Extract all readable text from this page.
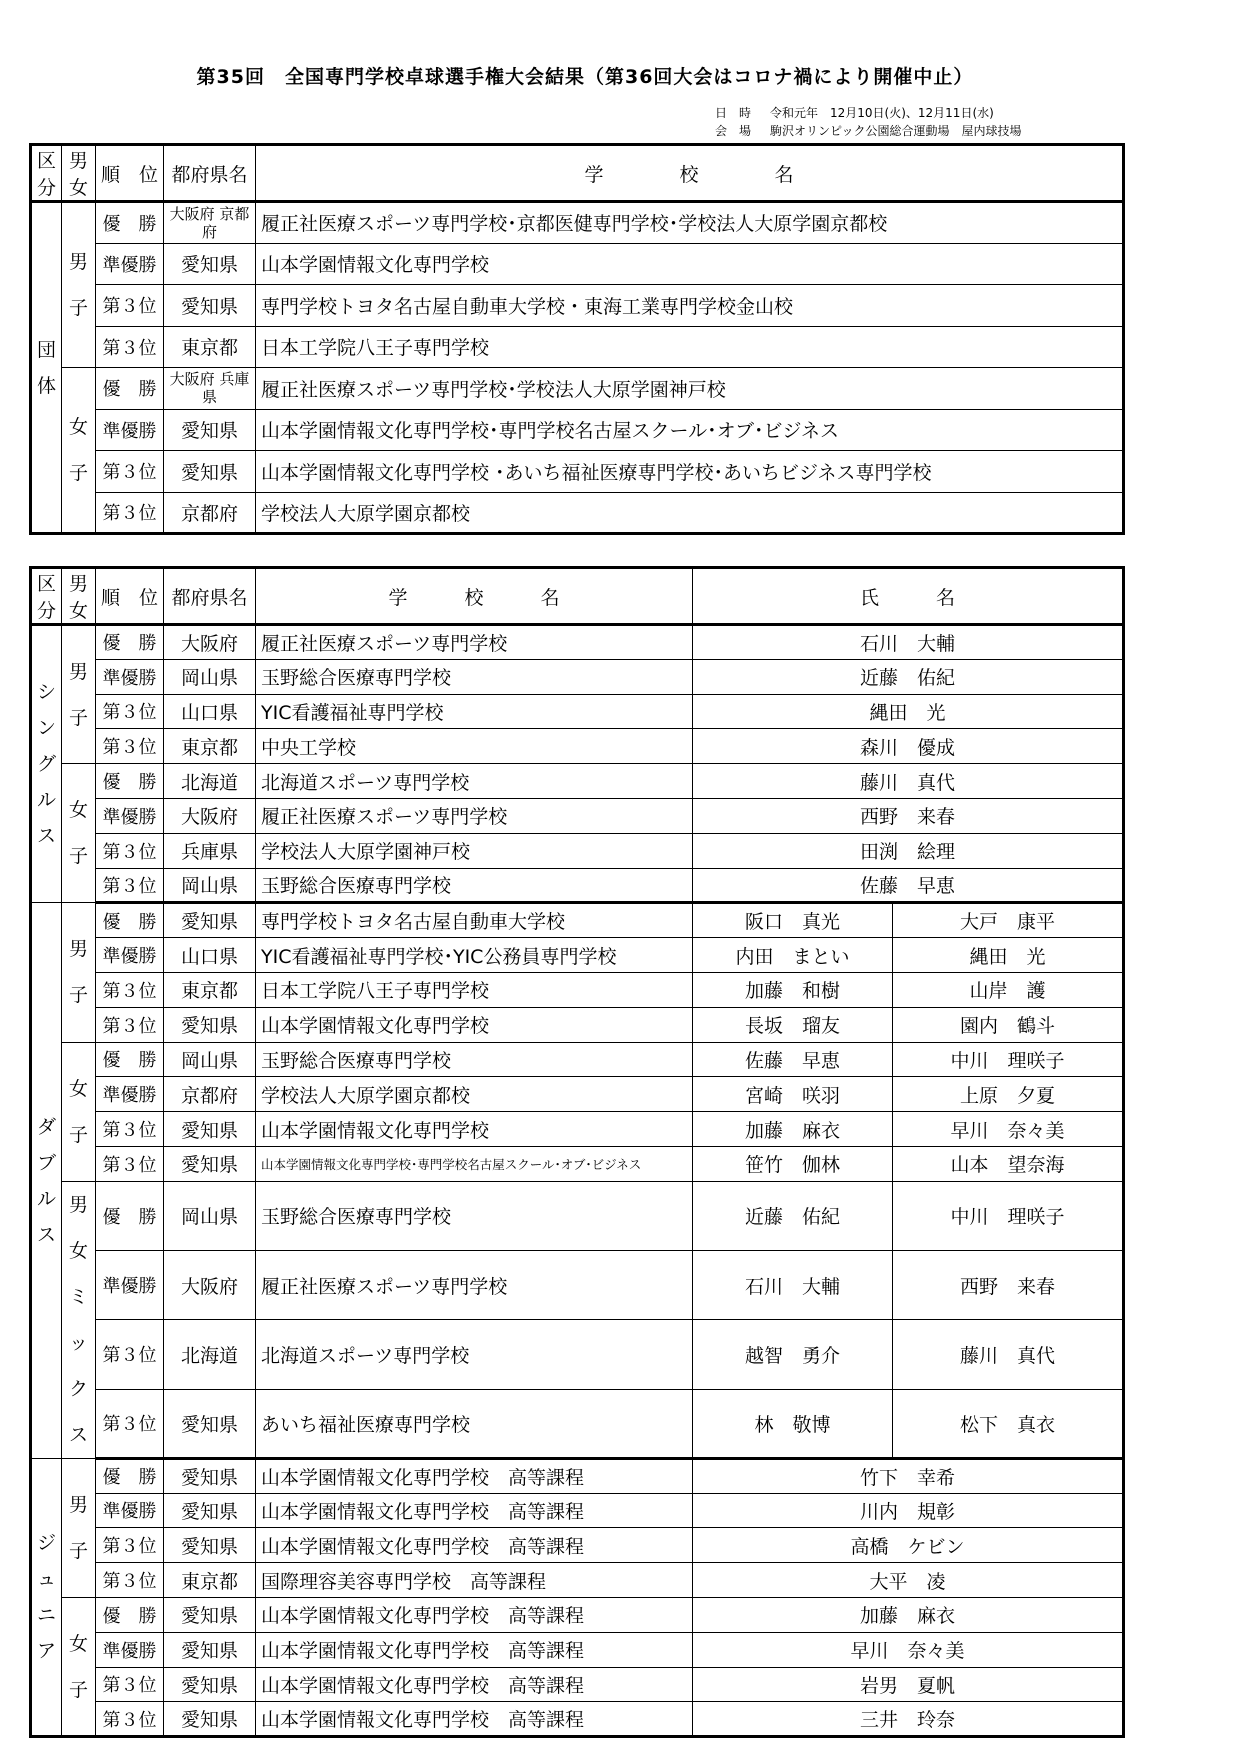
第35回　全国専門学校卓球選手権大会結果（第36回大会はコロナ禍により開催中止）
日　時 令和元年　12月10日(火)、12月11日(水)
会　場 駒沢オリンピック公園総合運動場　屋内球技場
区分	男女	順　位	都府県名	学　　　　校　　　　名
団体	男子	優　勝	大阪府 京都府	履正社医療スポーツ専門学校･京都医健専門学校･学校法人大原学園京都校
		準優勝	愛知県	山本学園情報文化専門学校
		第３位	愛知県	専門学校トヨタ名古屋自動車大学校・東海工業専門学校金山校
		第３位	東京都	日本工学院八王子専門学校
	女子	優　勝	大阪府 兵庫県	履正社医療スポーツ専門学校･学校法人大原学園神戸校
		準優勝	愛知県	山本学園情報文化専門学校･専門学校名古屋スクール･オブ･ビジネス
		第３位	愛知県	山本学園情報文化専門学校 ･あいち福祉医療専門学校･あいちビジネス専門学校
		第３位	京都府	学校法人大原学園京都校
区分	男女	順　位	都府県名	学　　　校　　　名	氏　　　名	
シングルス	男子	優　勝	大阪府	履正社医療スポーツ専門学校	石川　大輔	
		準優勝	岡山県	玉野総合医療専門学校	近藤　佑紀	
		第３位	山口県	YIC看護福祉専門学校	縄田　光	
		第３位	東京都	中央工学校	森川　優成	
	女子	優　勝	北海道	北海道スポーツ専門学校	藤川　真代	
		準優勝	大阪府	履正社医療スポーツ専門学校	西野　来春	
		第３位	兵庫県	学校法人大原学園神戸校	田渕　絵理	
		第３位	岡山県	玉野総合医療専門学校	佐藤　早恵	
ダブルス	男子	優　勝	愛知県	専門学校トヨタ名古屋自動車大学校	阪口　真光	大戸　康平
		準優勝	山口県	YIC看護福祉専門学校･YIC公務員専門学校	内田　まとい	縄田　光
		第３位	東京都	日本工学院八王子専門学校	加藤　和樹	山岸　護
		第３位	愛知県	山本学園情報文化専門学校	長坂　瑠友	園内　鶴斗
	女子	優　勝	岡山県	玉野総合医療専門学校	佐藤　早恵	中川　理咲子
		準優勝	京都府	学校法人大原学園京都校	宮崎　咲羽	上原　夕夏
		第３位	愛知県	山本学園情報文化専門学校	加藤　麻衣	早川　奈々美
		第３位	愛知県	山本学園情報文化専門学校･専門学校名古屋スクール･オブ･ビジネス	笹竹　伽林	山本　望奈海
	男女ミックス	優　勝	岡山県	玉野総合医療専門学校	近藤　佑紀	中川　理咲子
		準優勝	大阪府	履正社医療スポーツ専門学校	石川　大輔	西野　来春
		第３位	北海道	北海道スポーツ専門学校	越智　勇介	藤川　真代
		第３位	愛知県	あいち福祉医療専門学校	林　敬博	松下　真衣
ジュニア	男子	優　勝	愛知県	山本学園情報文化専門学校　高等課程	竹下　幸希	
		準優勝	愛知県	山本学園情報文化専門学校　高等課程	川内　規彰	
		第３位	愛知県	山本学園情報文化専門学校　高等課程	高橋　ケビン	
		第３位	東京都	国際理容美容専門学校　高等課程	大平　凌	
	女子	優　勝	愛知県	山本学園情報文化専門学校　高等課程	加藤　麻衣	
		準優勝	愛知県	山本学園情報文化専門学校　高等課程	早川　奈々美	
		第３位	愛知県	山本学園情報文化専門学校　高等課程	岩男　夏帆	
		第３位	愛知県	山本学園情報文化専門学校　高等課程	三井　玲奈	
